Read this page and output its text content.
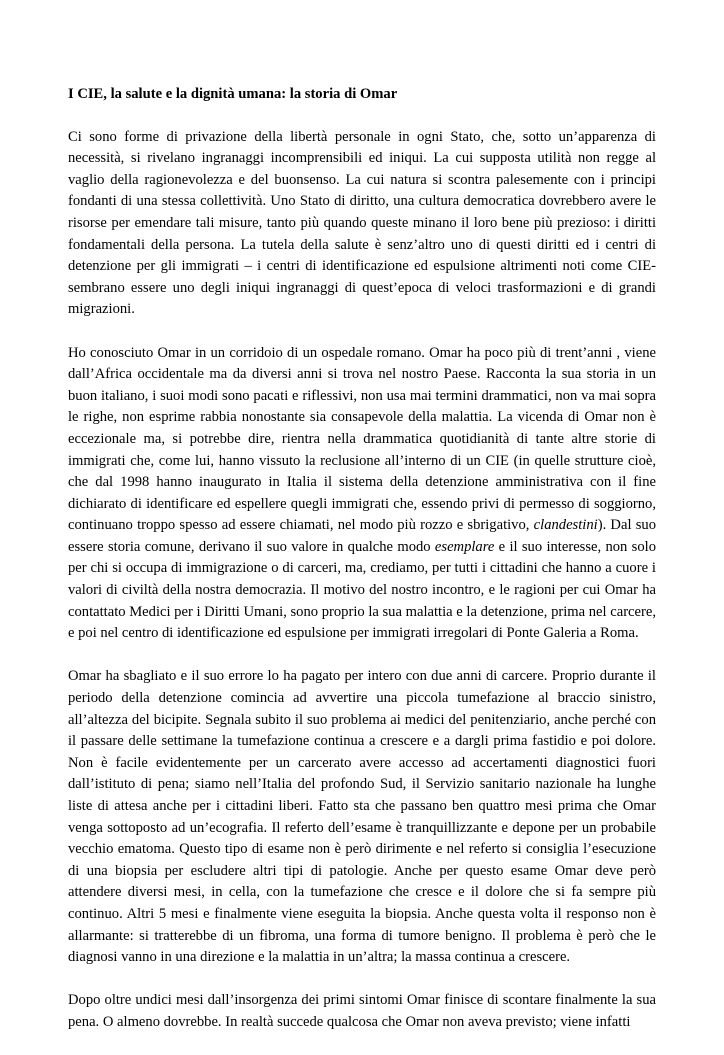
I CIE, la salute e la dignità umana: la storia di Omar

Ci sono forme di privazione della libertà personale in ogni Stato, che, sotto un’apparenza di necessità, si rivelano ingranaggi incomprensibili ed iniqui. La cui supposta utilità non regge al vaglio della ragionevolezza e del buonsenso. La cui natura si scontra palesemente con i principi fondanti di una stessa collettività. Uno Stato di diritto, una cultura democratica dovrebbero avere le risorse per emendare tali misure, tanto più quando queste minano il loro bene più prezioso: i diritti fondamentali della persona. La tutela della salute è senz’altro uno di questi diritti ed i centri di detenzione per gli immigrati – i centri di identificazione ed espulsione altrimenti noti come CIE- sembrano essere uno degli iniqui ingranaggi di quest’epoca di veloci trasformazioni e di grandi migrazioni.

Ho conosciuto Omar in un corridoio di un ospedale romano. Omar ha poco più di trent’anni , viene dall’Africa occidentale ma da diversi anni si trova nel nostro Paese. Racconta la sua storia in un buon italiano, i suoi modi sono pacati e riflessivi, non usa mai termini drammatici, non va mai sopra le righe, non esprime rabbia nonostante sia consapevole della malattia. La vicenda di Omar non è eccezionale ma, si potrebbe dire, rientra nella drammatica quotidianità di tante altre storie di immigrati che, come lui, hanno vissuto la reclusione all’interno di un CIE (in quelle strutture cioè, che dal 1998 hanno inaugurato in Italia il sistema della detenzione amministrativa con il fine dichiarato di identificare ed espellere quegli immigrati che, essendo privi di permesso di soggiorno, continuano troppo spesso ad essere chiamati, nel modo più rozzo e sbrigativo, clandestini). Dal suo essere storia comune, derivano il suo valore in qualche modo esemplare e il suo interesse, non solo per chi si occupa di immigrazione o di carceri, ma, crediamo, per tutti i cittadini che hanno a cuore i valori di civiltà della nostra democrazia. Il motivo del nostro incontro, e le ragioni per cui Omar ha contattato Medici per i Diritti Umani, sono proprio la sua malattia e la detenzione, prima nel carcere, e poi nel centro di identificazione ed espulsione per immigrati irregolari di Ponte Galeria a Roma.

Omar ha sbagliato e il suo errore lo ha pagato per intero con due anni di carcere. Proprio durante il periodo della detenzione comincia ad avvertire una piccola tumefazione al braccio sinistro, all’altezza del bicipite. Segnala subito il suo problema ai medici del penitenziario, anche perché con il passare delle settimane la tumefazione continua a crescere e a dargli prima fastidio e poi dolore. Non è facile evidentemente per un carcerato avere accesso ad accertamenti diagnostici fuori dall’istituto di pena; siamo nell’Italia del profondo Sud, il Servizio sanitario nazionale ha lunghe liste di attesa anche per i cittadini liberi. Fatto sta che passano ben quattro mesi prima che Omar venga sottoposto ad un’ecografia. Il referto dell’esame è tranquillizzante e depone per un probabile vecchio ematoma. Questo tipo di esame non è però dirimente e nel referto si consiglia l’esecuzione di una biopsia per escludere altri tipi di patologie. Anche per questo esame Omar deve però attendere diversi mesi, in cella, con la tumefazione che cresce e il dolore che si fa sempre più continuo. Altri 5 mesi e finalmente viene eseguita la biopsia. Anche questa volta il responso non è allarmante: si tratterebbe di un fibroma, una forma di tumore benigno. Il problema è però che le diagnosi vanno in una direzione e la malattia in un’altra; la massa continua a crescere.

Dopo oltre undici mesi dall’insorgenza dei primi sintomi Omar finisce di scontare finalmente la sua pena. O almeno dovrebbe. In realtà succede qualcosa che Omar non aveva previsto; viene infatti
